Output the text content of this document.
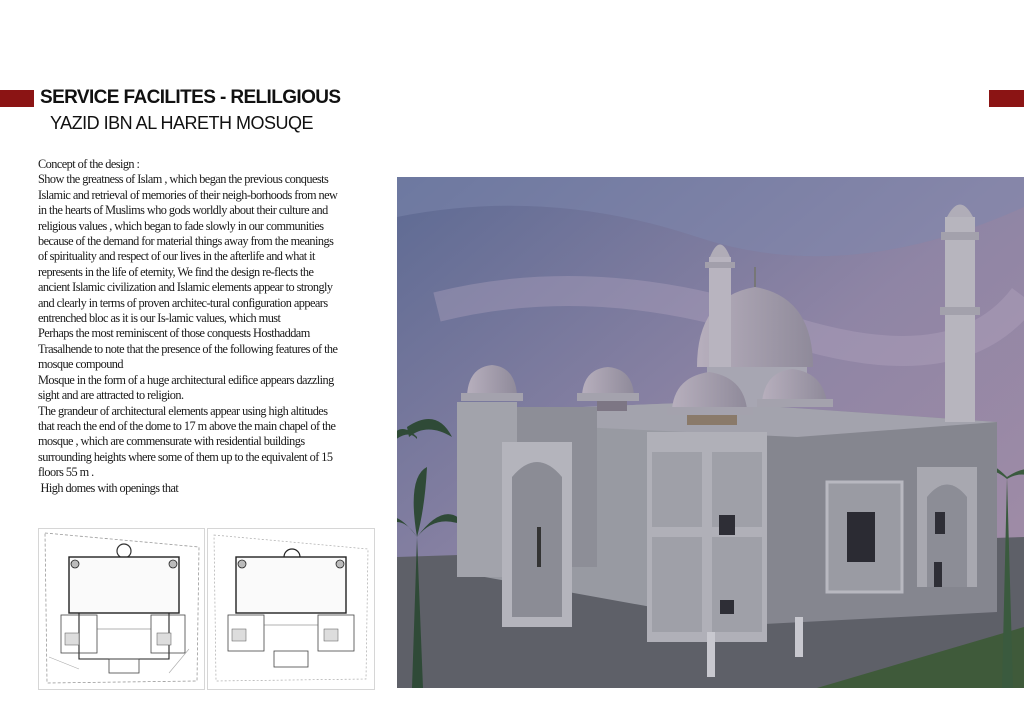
SERVICE FACILITES - RELILGIOUS
YAZID IBN AL HARETH MOSUQE

Concept of the design :

Show the greatness of Islam , which began the previous conquests Islamic and retrieval of memories of their neigh-borhoods from new in the hearts of Muslims who gods worldly about their culture and religious values , which began to fade slowly in our communities because of the demand for material things away from the meanings of spirituality and respect of our lives in the afterlife and what it represents in the life of eternity, We find the design re-flects the ancient Islamic civilization and Islamic elements appear to strongly and clearly in terms of proven architec-tural configuration appears entrenched bloc as it is our Is-lamic values, which must

Perhaps the most reminiscent of those conquests Hosthaddam Trasalhende to note that the presence of the following features of the mosque compound

Mosque in the form of a huge architectural edifice appears dazzling sight and are attracted to religion.

The grandeur of architectural elements appear using high altitudes that reach the end of the dome to 17 m above the main chapel of the mosque , which are commensurate with residential buildings surrounding heights where some of them up to the equivalent of 15 floors 55 m .

High domes with openings that
